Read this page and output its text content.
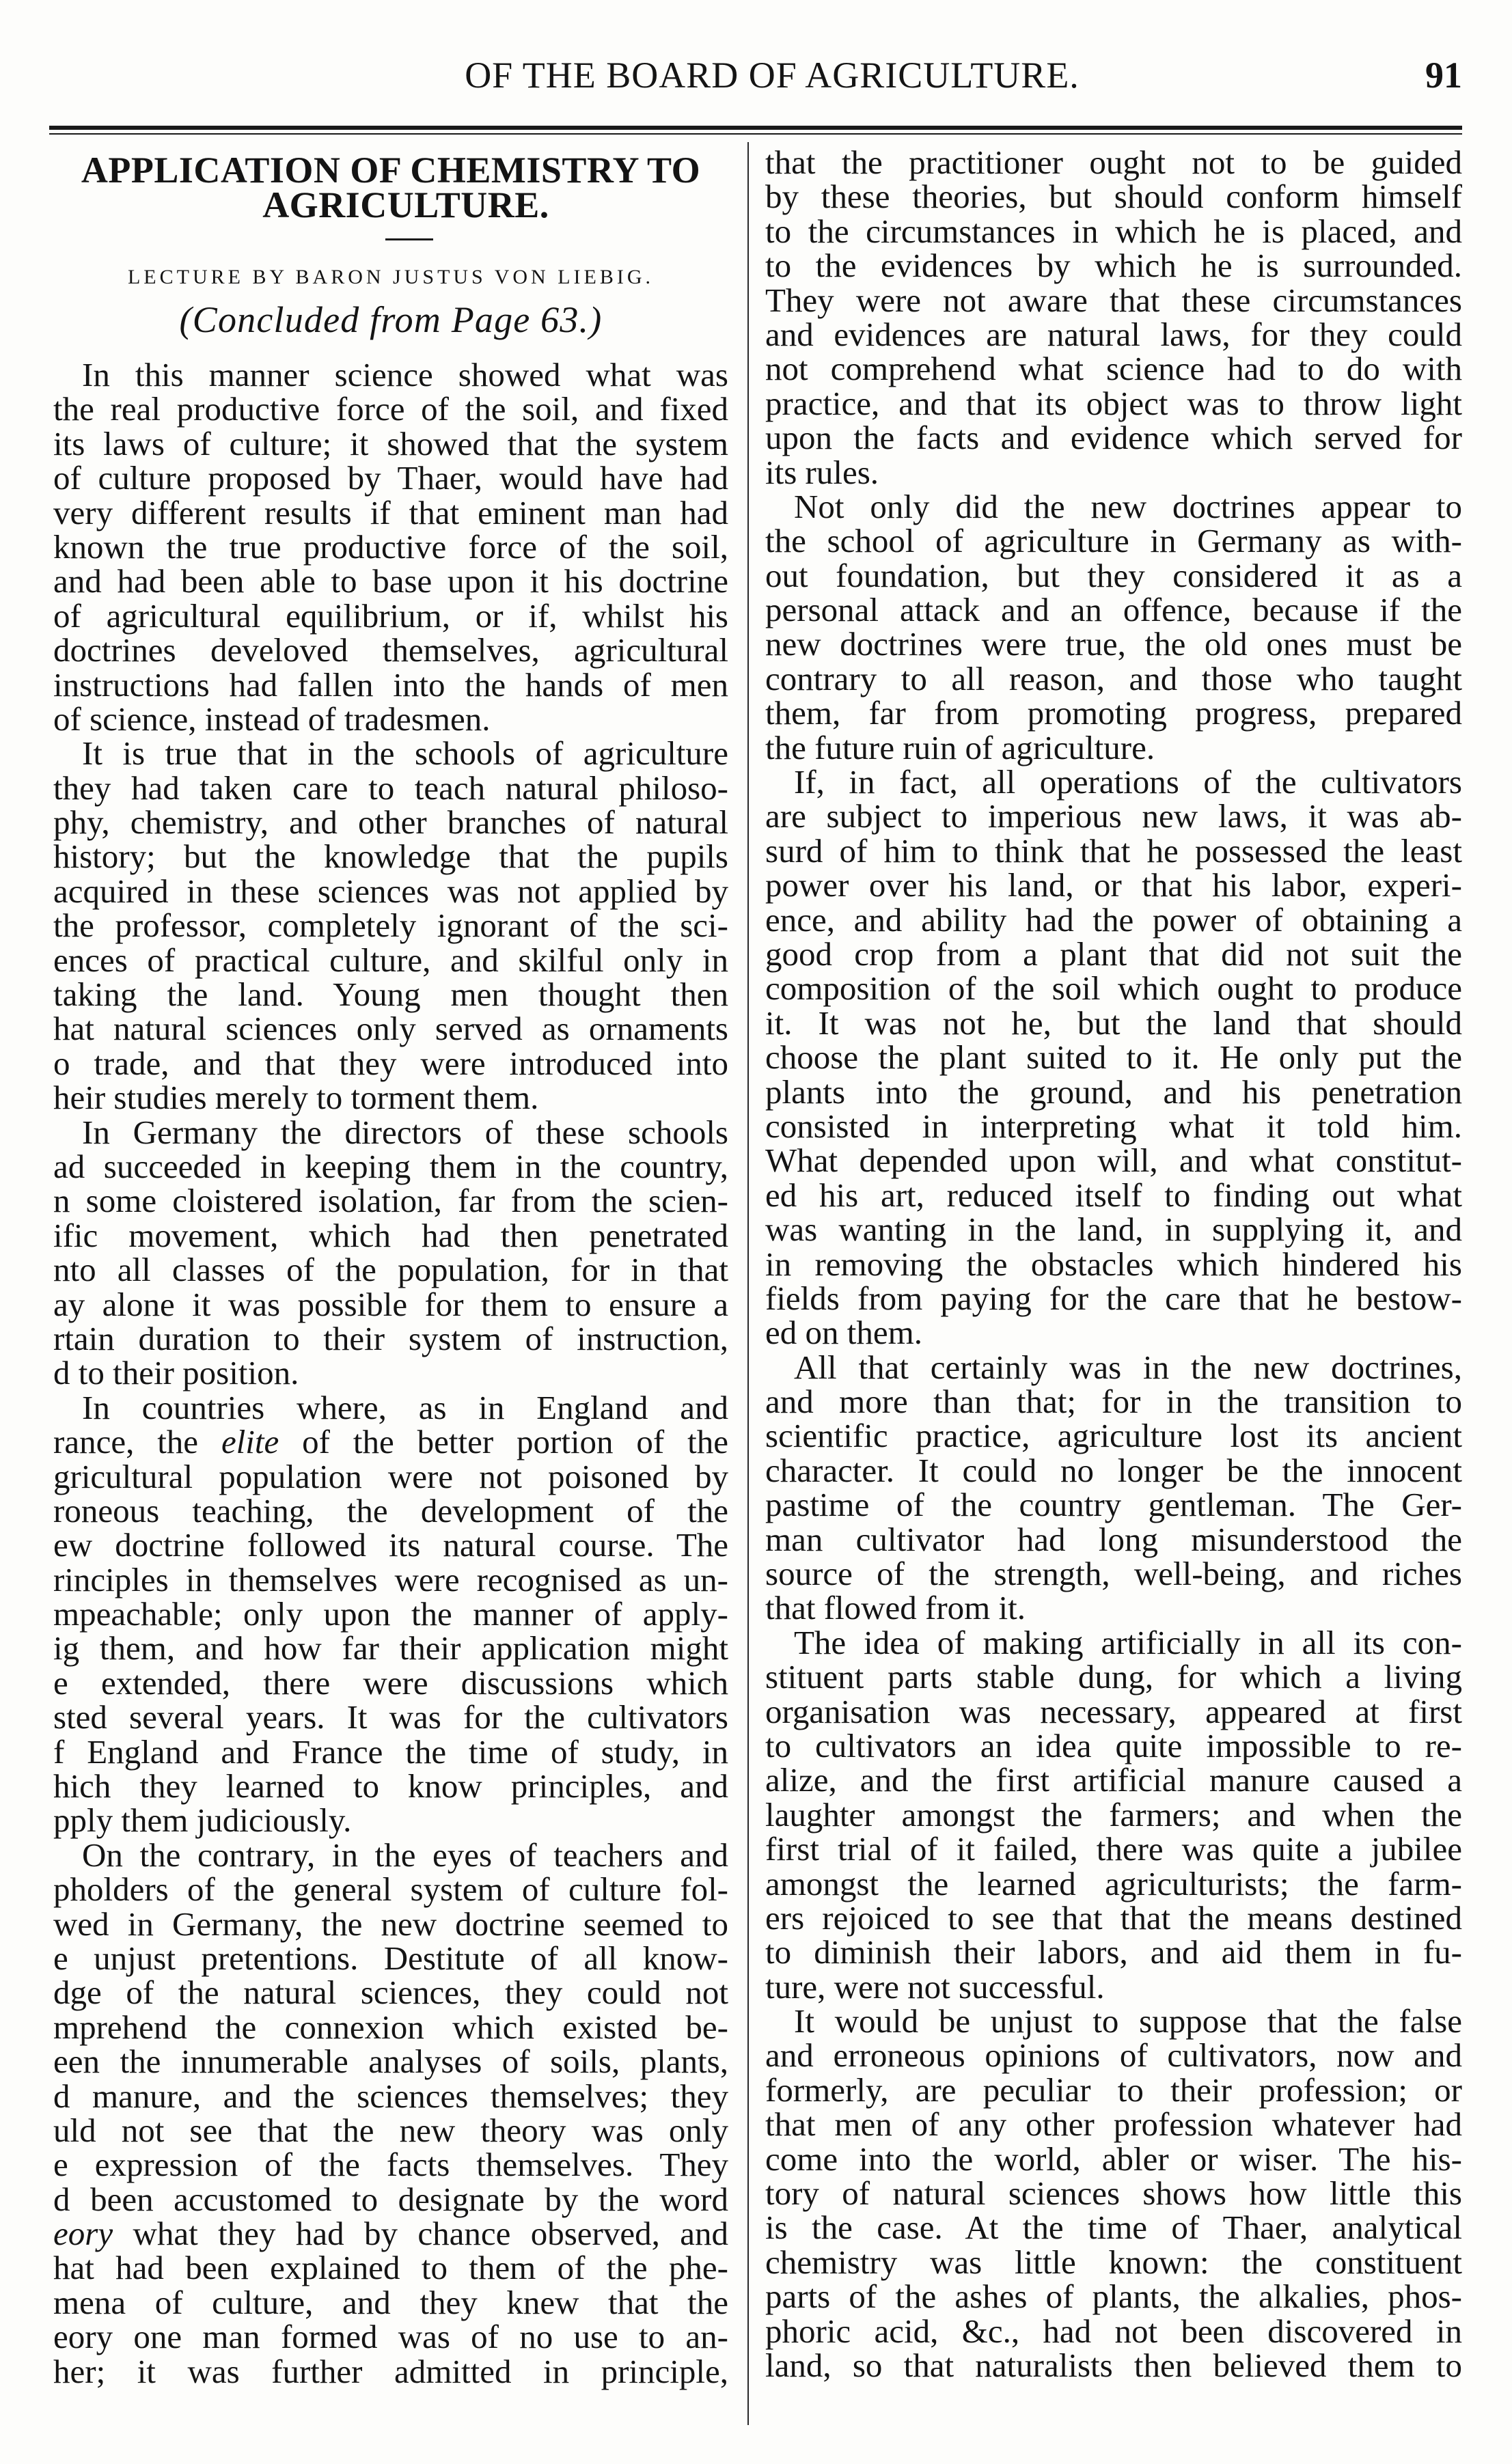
OF THE BOARD OF AGRICULTURE.	91
APPLICATION OF CHEMISTRY TO
AGRICULTURE.
LECTURE BY BARON JUSTUS VON LIEBIG.
(Concluded from Page 63.)
In this manner science showed what was
the real productive force of the soil, and fixed
its laws of culture; it showed that the system
of culture proposed by Thaer, would have had
very different results if that eminent man had
known the true productive force of the soil,
and had been able to base upon it his doctrine
of agricultural equilibrium, or if, whilst his
doctrines develoved themselves, agricultural
instructions had fallen into the hands of men
of science, instead of tradesmen.
It is true that in the schools of agriculture
they had taken care to teach natural philoso-
phy, chemistry, and other branches of natural
history; but the knowledge that the pupils
acquired in these sciences was not applied by
the professor, completely ignorant of the sci-
ences of practical culture, and skilful only in
taking the land. Young men thought then
hat natural sciences only served as ornaments
o trade, and that they were introduced into
heir studies merely to torment them.
In Germany the directors of these schools
ad succeeded in keeping them in the country,
n some cloistered isolation, far from the scien-
ific movement, which had then penetrated
nto all classes of the population, for in that
ay alone it was possible for them to ensure a
rtain duration to their system of instruction,
d to their position.
In countries where, as in England and
rance, the elite of the better portion of the
gricultural population were not poisoned by
roneous teaching, the development of the
ew doctrine followed its natural course. The
rinciples in themselves were recognised as un-
mpeachable; only upon the manner of apply-
ig them, and how far their application might
e extended, there were discussions which
sted several years. It was for the cultivators
f England and France the time of study, in
hich they learned to know principles, and
pply them judiciously.
On the contrary, in the eyes of teachers and
pholders of the general system of culture fol-
wed in Germany, the new doctrine seemed to
e unjust pretentions. Destitute of all know-
dge of the natural sciences, they could not
mprehend the connexion which existed be-
een the innumerable analyses of soils, plants,
d manure, and the sciences themselves; they
uld not see that the new theory was only
e expression of the facts themselves. They
d been accustomed to designate by the word
eory what they had by chance observed, and
hat had been explained to them of the phe-
mena of culture, and they knew that the
eory one man formed was of no use to an-
her; it was further admitted in principle,
that the practitioner ought not to be guided
by these theories, but should conform himself
to the circumstances in which he is placed, and
to the evidences by which he is surrounded.
They were not aware that these circumstances
and evidences are natural laws, for they could
not comprehend what science had to do with
practice, and that its object was to throw light
upon the facts and evidence which served for
its rules.
Not only did the new doctrines appear to
the school of agriculture in Germany as with-
out foundation, but they considered it as a
personal attack and an offence, because if the
new doctrines were true, the old ones must be
contrary to all reason, and those who taught
them, far from promoting progress, prepared
the future ruin of agriculture.
If, in fact, all operations of the cultivators
are subject to imperious new laws, it was ab-
surd of him to think that he possessed the least
power over his land, or that his labor, experi-
ence, and ability had the power of obtaining a
good crop from a plant that did not suit the
composition of the soil which ought to produce
it. It was not he, but the land that should
choose the plant suited to it. He only put the
plants into the ground, and his penetration
consisted in interpreting what it told him.
What depended upon will, and what constitut-
ed his art, reduced itself to finding out what
was wanting in the land, in supplying it, and
in removing the obstacles which hindered his
fields from paying for the care that he bestow-
ed on them.
All that certainly was in the new doctrines,
and more than that; for in the transition to
scientific practice, agriculture lost its ancient
character. It could no longer be the innocent
pastime of the country gentleman. The Ger-
man cultivator had long misunderstood the
source of the strength, well-being, and riches
that flowed from it.
The idea of making artificially in all its con-
stituent parts stable dung, for which a living
organisation was necessary, appeared at first
to cultivators an idea quite impossible to re-
alize, and the first artificial manure caused a
laughter amongst the farmers; and when the
first trial of it failed, there was quite a jubilee
amongst the learned agriculturists; the farm-
ers rejoiced to see that that the means destined
to diminish their labors, and aid them in fu-
ture, were not successful.
It would be unjust to suppose that the false
and erroneous opinions of cultivators, now and
formerly, are peculiar to their profession; or
that men of any other profession whatever had
come into the world, abler or wiser. The his-
tory of natural sciences shows how little this
is the case. At the time of Thaer, analytical
chemistry was little known: the constituent
parts of the ashes of plants, the alkalies, phos-
phoric acid, &c., had not been discovered in
land, so that naturalists then believed them to
